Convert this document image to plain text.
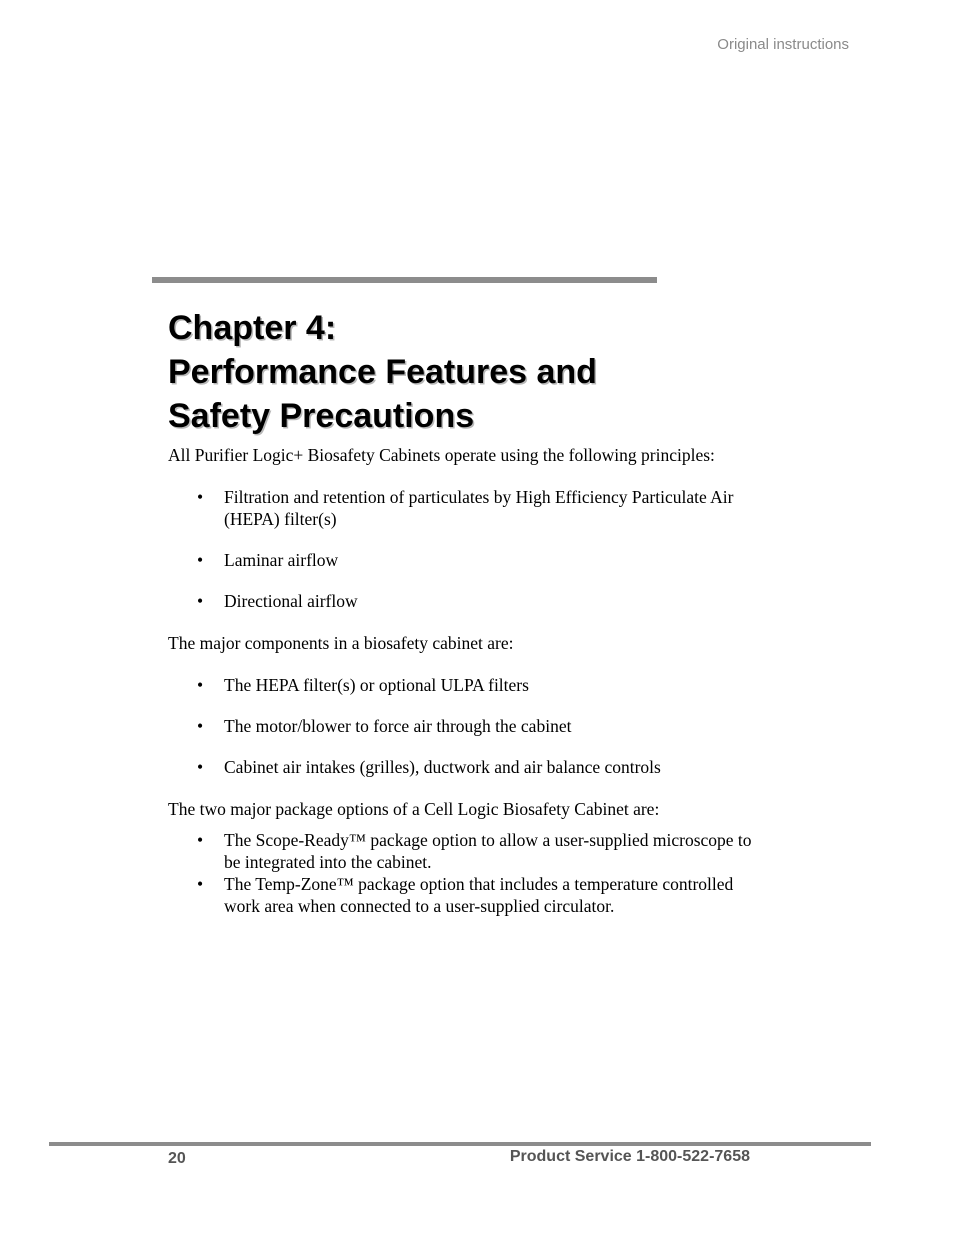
Original instructions
Chapter 4:
Performance Features and
Safety Precautions

All Purifier Logic+ Biosafety Cabinets operate using the following principles:

• Filtration and retention of particulates by High Efficiency Particulate Air (HEPA) filter(s)
• Laminar airflow
• Directional airflow

The major components in a biosafety cabinet are:

• The HEPA filter(s) or optional ULPA filters
• The motor/blower to force air through the cabinet
• Cabinet air intakes (grilles), ductwork and air balance controls

The two major package options of a Cell Logic Biosafety Cabinet are:

• The Scope-Ready™ package option to allow a user-supplied microscope to be integrated into the cabinet.
• The Temp-Zone™ package option that includes a temperature controlled work area when connected to a user-supplied circulator.
20	Product Service 1-800-522-7658
